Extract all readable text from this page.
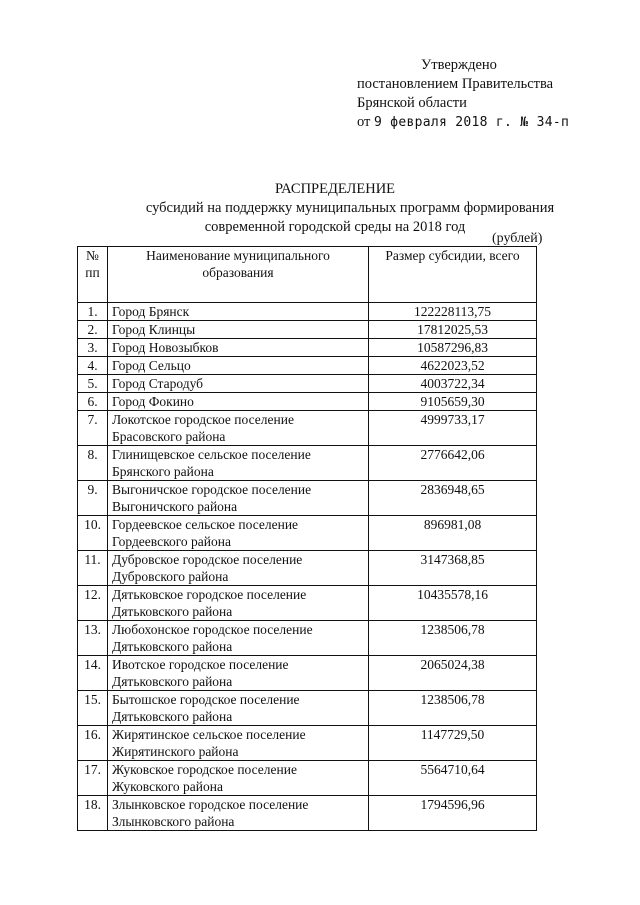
Утверждено
постановлением Правительства
Брянской области
от 9 февраля 2018 г. № 34-п
РАСПРЕДЕЛЕНИЕ
субсидий на поддержку муниципальных программ формирования
современной городской среды на 2018 год
(рублей)
№ пп	Наименование муниципального образования	Размер субсидии, всего
1.	Город Брянск	122228113,75
2.	Город Клинцы	17812025,53
3.	Город Новозыбков	10587296,83
4.	Город Сельцо	4622023,52
5.	Город Стародуб	4003722,34
6.	Город Фокино	9105659,30
7.	Локотское городское поселение Брасовского района	4999733,17
8.	Глинищевское сельское поселение Брянского района	2776642,06
9.	Выгоничское городское поселение Выгоничского района	2836948,65
10.	Гордеевское сельское поселение Гордеевского района	896981,08
11.	Дубровское городское поселение Дубровского района	3147368,85
12.	Дятьковское городское поселение Дятьковского района	10435578,16
13.	Любохонское городское поселение Дятьковского района	1238506,78
14.	Ивотское городское поселение Дятьковского района	2065024,38
15.	Бытошское городское поселение Дятьковского района	1238506,78
16.	Жирятинское сельское поселение Жирятинского района	1147729,50
17.	Жуковское городское поселение Жуковского района	5564710,64
18.	Злынковское городское поселение Злынковского района	1794596,96
